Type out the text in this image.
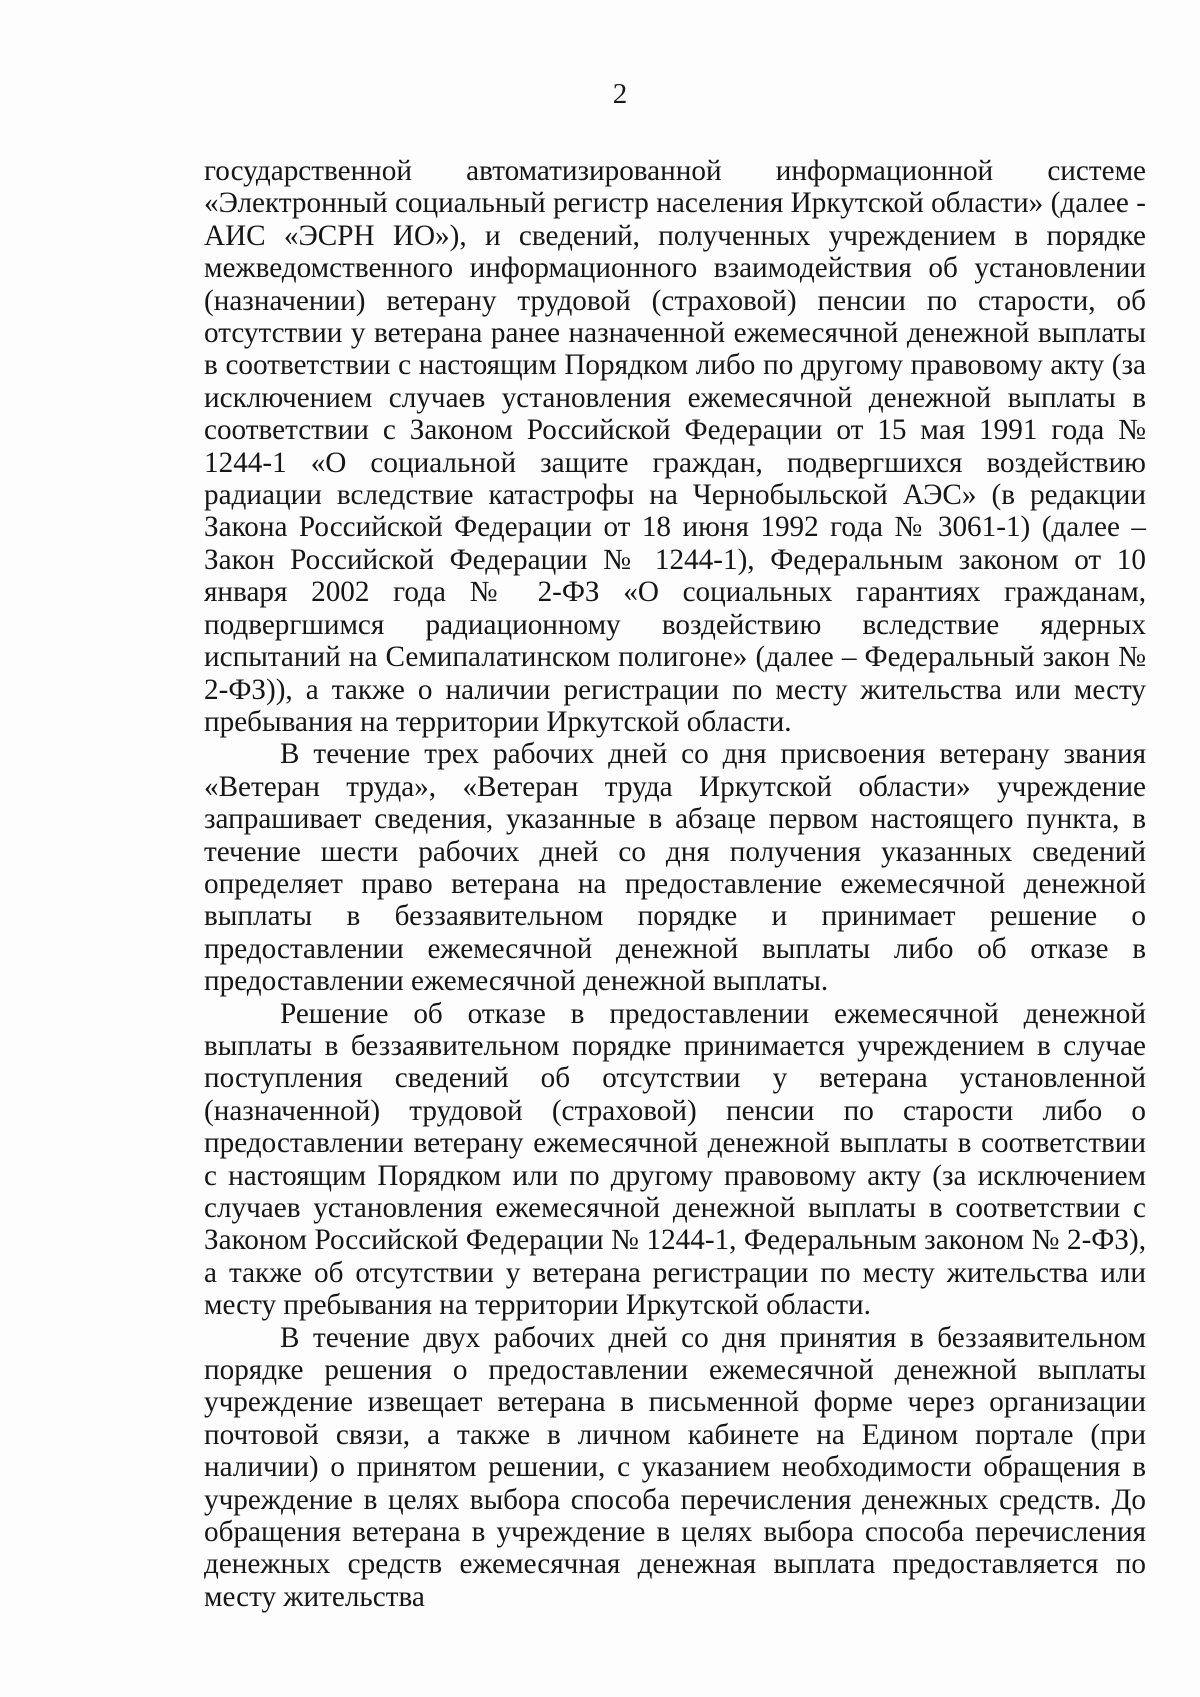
2

государственной автоматизированной информационной системе «Электронный социальный регистр населения Иркутской области» (далее - АИС «ЭСРН ИО»), и сведений, полученных учреждением в порядке межведомственного информационного взаимодействия об установлении (назначении) ветерану трудовой (страховой) пенсии по старости, об отсутствии у ветерана ранее назначенной ежемесячной денежной выплаты в соответствии с настоящим Порядком либо по другому правовому акту (за исключением случаев установления ежемесячной денежной выплаты в соответствии с Законом Российской Федерации от 15 мая 1991 года № 1244-1 «О социальной защите граждан, подвергшихся воздействию радиации вследствие катастрофы на Чернобыльской АЭС» (в редакции Закона Российской Федерации от 18 июня 1992 года № 3061-1) (далее – Закон Российской Федерации № 1244-1), Федеральным законом от 10 января 2002 года № 2-ФЗ «О социальных гарантиях гражданам, подвергшимся радиационному воздействию вследствие ядерных испытаний на Семипалатинском полигоне» (далее – Федеральный закон № 2-ФЗ)), а также о наличии регистрации по месту жительства или месту пребывания на территории Иркутской области.

В течение трех рабочих дней со дня присвоения ветерану звания «Ветеран труда», «Ветеран труда Иркутской области» учреждение запрашивает сведения, указанные в абзаце первом настоящего пункта, в течение шести рабочих дней со дня получения указанных сведений определяет право ветерана на предоставление ежемесячной денежной выплаты в беззаявительном порядке и принимает решение о предоставлении ежемесячной денежной выплаты либо об отказе в предоставлении ежемесячной денежной выплаты.

Решение об отказе в предоставлении ежемесячной денежной выплаты в беззаявительном порядке принимается учреждением в случае поступления сведений об отсутствии у ветерана установленной (назначенной) трудовой (страховой) пенсии по старости либо о предоставлении ветерану ежемесячной денежной выплаты в соответствии с настоящим Порядком или по другому правовому акту (за исключением случаев установления ежемесячной денежной выплаты в соответствии с Законом Российской Федерации № 1244-1, Федеральным законом № 2-ФЗ), а также об отсутствии у ветерана регистрации по месту жительства или месту пребывания на территории Иркутской области.

В течение двух рабочих дней со дня принятия в беззаявительном порядке решения о предоставлении ежемесячной денежной выплаты учреждение извещает ветерана в письменной форме через организации почтовой связи, а также в личном кабинете на Едином портале (при наличии) о принятом решении, с указанием необходимости обращения в учреждение в целях выбора способа перечисления денежных средств. До обращения ветерана в учреждение в целях выбора способа перечисления денежных средств ежемесячная денежная выплата предоставляется по месту жительства
